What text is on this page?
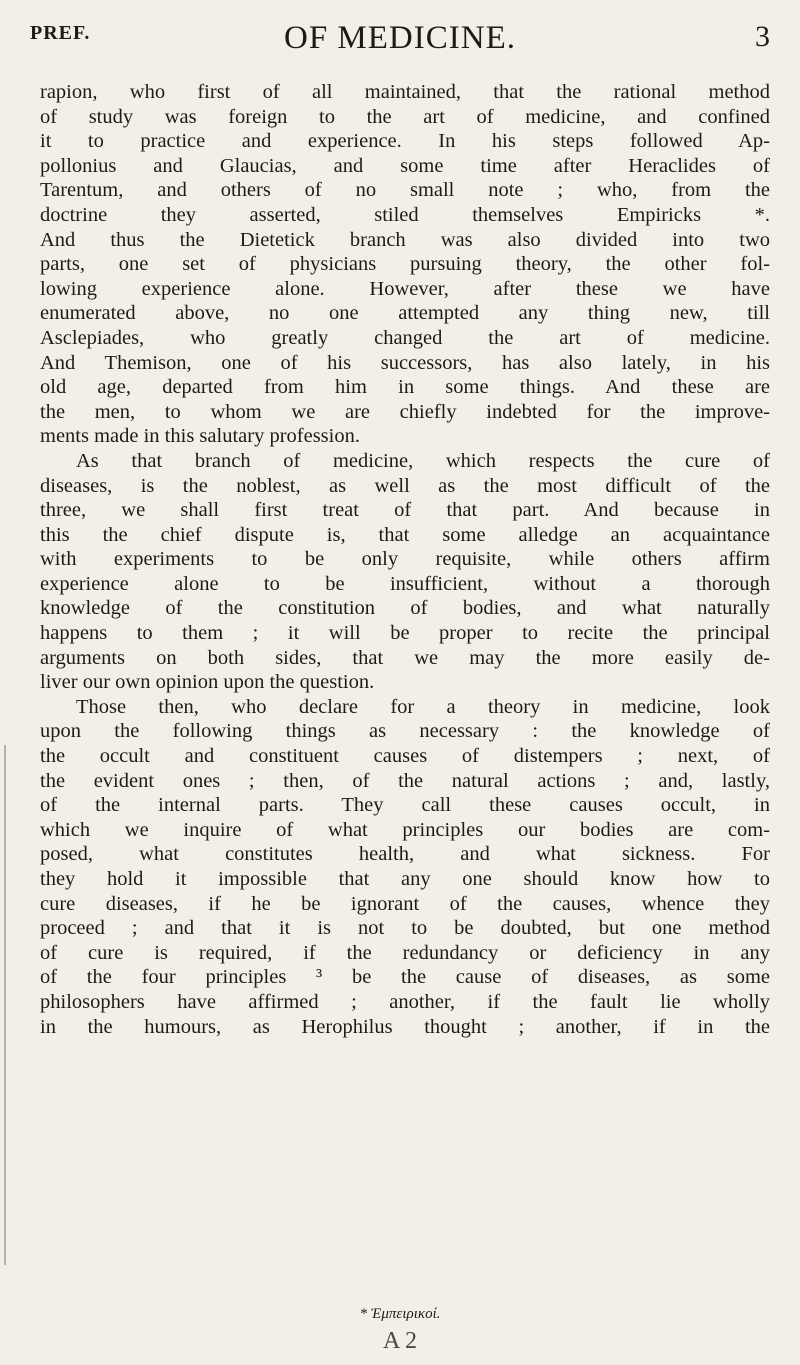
PREF.	OF MEDICINE.	3
rapion, who first of all maintained, that the rational method
of study was foreign to the art of medicine, and confined
it to practice and experience. In his steps followed Ap-
pollonius and Glaucias, and some time after Heraclides of
Tarentum, and others of no small note ; who, from the
doctrine they asserted, stiled themselves Empiricks *.
And thus the Dietetick branch was also divided into two
parts, one set of physicians pursuing theory, the other fol-
lowing experience alone. However, after these we have
enumerated above, no one attempted any thing new, till
Asclepiades, who greatly changed the art of medicine.
And Themison, one of his successors, has also lately, in his
old age, departed from him in some things. And these are
the men, to whom we are chiefly indebted for the improve-
ments made in this salutary profession.
As that branch of medicine, which respects the cure of
diseases, is the noblest, as well as the most difficult of the
three, we shall first treat of that part. And because in
this the chief dispute is, that some alledge an acquaintance
with experiments to be only requisite, while others affirm
experience alone to be insufficient, without a thorough
knowledge of the constitution of bodies, and what naturally
happens to them ; it will be proper to recite the principal
arguments on both sides, that we may the more easily de-
liver our own opinion upon the question.
Those then, who declare for a theory in medicine, look
upon the following things as necessary : the knowledge of
the occult and constituent causes of distempers ; next, of
the evident ones ; then, of the natural actions ; and, lastly,
of the internal parts. They call these causes occult, in
which we inquire of what principles our bodies are com-
posed, what constitutes health, and what sickness. For
they hold it impossible that any one should know how to
cure diseases, if he be ignorant of the causes, whence they
proceed ; and that it is not to be doubted, but one method
of cure is required, if the redundancy or deficiency in any
of the four principles ³ be the cause of diseases, as some
philosophers have affirmed ; another, if the fault lie wholly
in the humours, as Herophilus thought ; another, if in the
* Ἐμπειρικοί.
A 2
